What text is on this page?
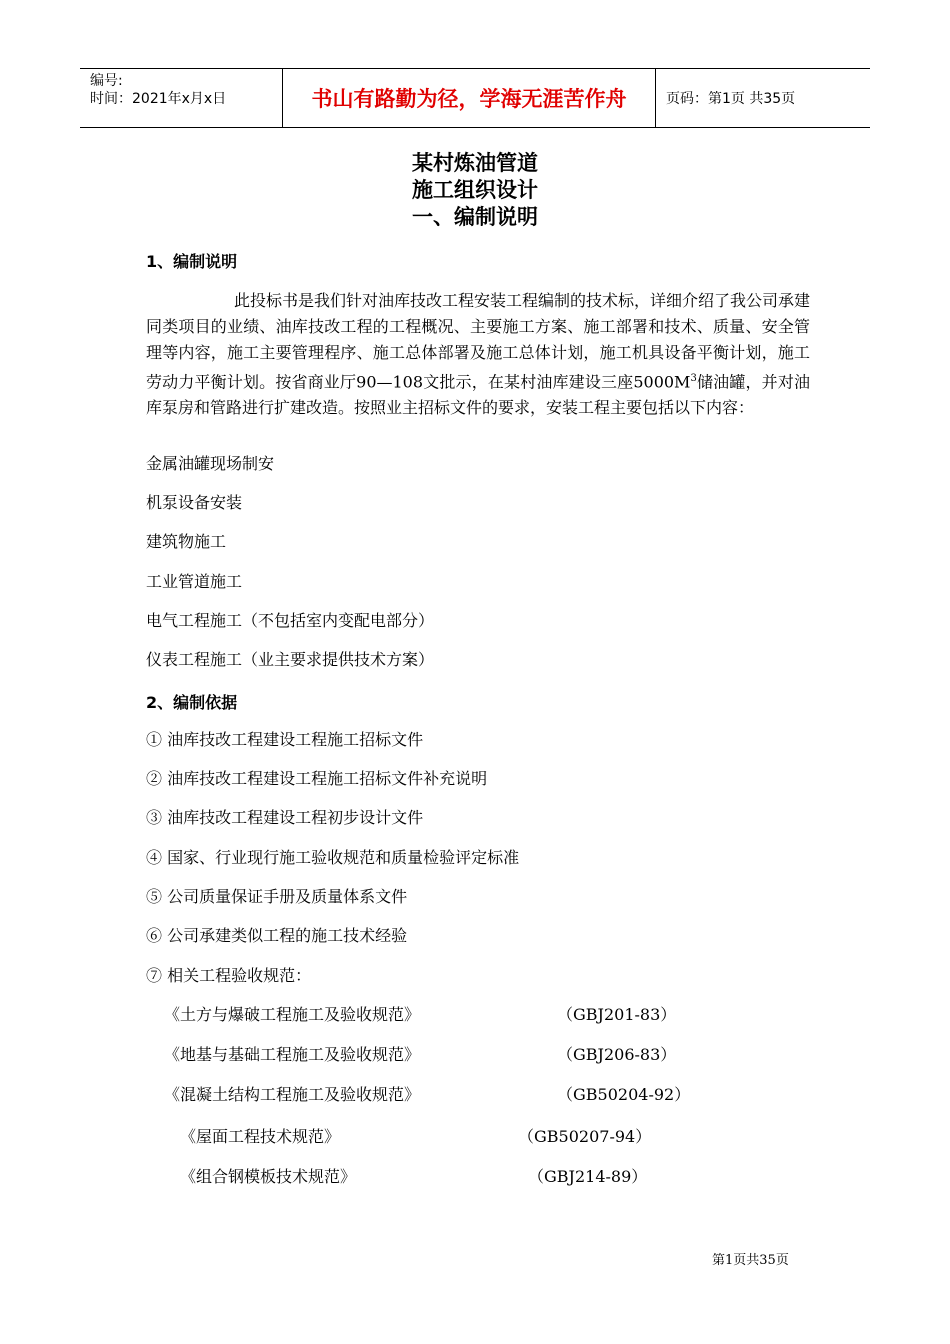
编号:
时间：2021年x月x日	书山有路勤为径，学海无涯苦作舟	页码：第1页 共35页
某村炼油管道
施工组织设计
一、编制说明
1、编制说明
此投标书是我们针对油库技改工程安装工程编制的技术标，详细介绍了我公司承建同类项目的业绩、油库技改工程的工程概况、主要施工方案、施工部署和技术、质量、安全管理等内容，施工主要管理程序、施工总体部署及施工总体计划，施工机具设备平衡计划，施工劳动力平衡计划。按省商业厅90—108文批示，在某村油库建设三座$5000M^3$储油罐，并对油库泵房和管路进行扩建改造。按照业主招标文件的要求，安装工程主要包括以下内容：
金属油罐现场制安
机泵设备安装
建筑物施工
工业管道施工
电气工程施工（不包括室内变配电部分）
仪表工程施工（业主要求提供技术方案）
2、编制依据
① 油库技改工程建设工程施工招标文件
② 油库技改工程建设工程施工招标文件补充说明
③ 油库技改工程建设工程初步设计文件
④ 国家、行业现行施工验收规范和质量检验评定标准
⑤ 公司质量保证手册及质量体系文件
⑥ 公司承建类似工程的施工技术经验
⑦ 相关工程验收规范：
《土方与爆破工程施工及验收规范》	（GBJ201-83）
《地基与基础工程施工及验收规范》	（GBJ206-83）
《混凝土结构工程施工及验收规范》	（GB50204-92）
《屋面工程技术规范》	（GB50207-94）
《组合钢模板技术规范》	（GBJ214-89）
第1页共35页
